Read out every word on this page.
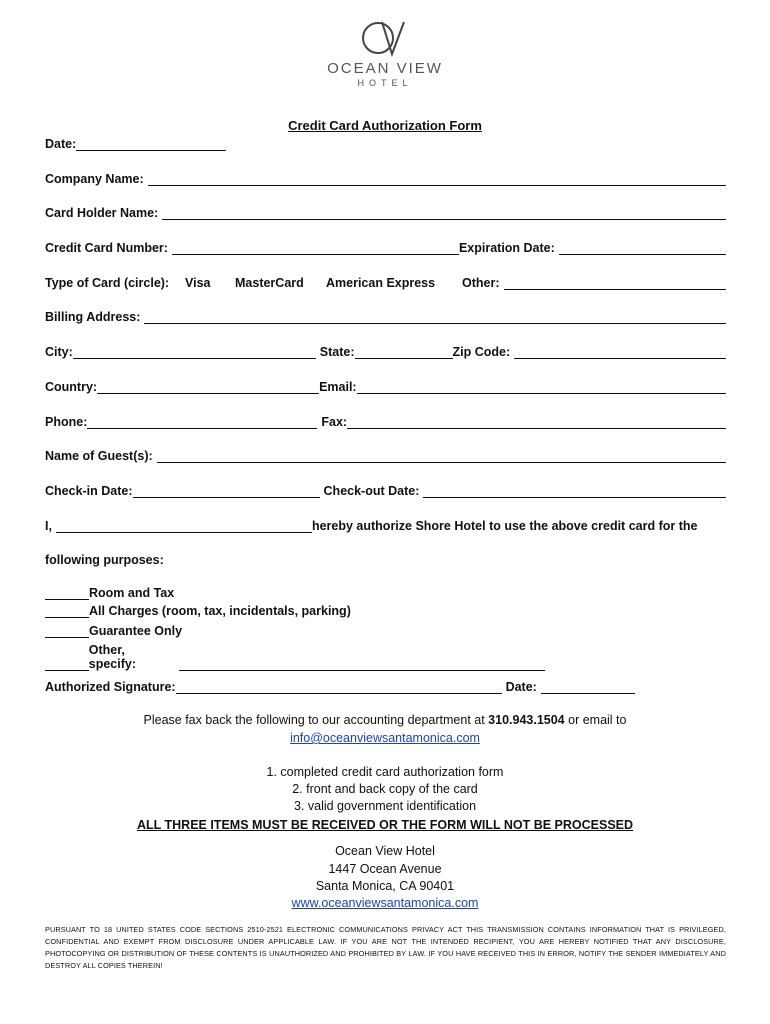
OCEAN VIEW
HOTEL
Credit Card Authorization Form
Date:
Company Name:
Card Holder Name:
Credit Card Number:	Expiration Date:
Type of Card (circle):	Visa	MasterCard	American Express	Other:
Billing Address:
City:	State:	Zip Code:
Country:	Email:
Phone:	Fax:
Name of Guest(s):
Check-in Date:	Check-out Date:
I,	hereby authorize Shore Hotel to use the above credit card for the
following purposes:
Room and Tax
All Charges (room, tax, incidentals, parking)
Guarantee Only
Other, specify:
Authorized Signature:	Date:
Please fax back the following to our accounting department at 310.943.1504 or email to
info@oceanviewsantamonica.com
1. completed credit card authorization form
2. front and back copy of the card
3. valid government identification
ALL THREE ITEMS MUST BE RECEIVED OR THE FORM WILL NOT BE PROCESSED
Ocean View Hotel
1447 Ocean Avenue
Santa Monica, CA 90401
www.oceanviewsantamonica.com
PURSUANT TO 18 UNITED STATES CODE SECTIONS 2510-2521 ELECTRONIC COMMUNICATIONS PRIVACY ACT THIS TRANSMISSION CONTAINS INFORMATION THAT IS PRIVILEGED, CONFIDENTIAL AND EXEMPT FROM DISCLOSURE UNDER APPLICABLE LAW. IF YOU ARE NOT THE INTENDED RECIPIENT, YOU ARE HEREBY NOTIFIED THAT ANY DISCLOSURE, PHOTOCOPYING OR DISTRIBUTION OF THESE CONTENTS IS UNAUTHORIZED AND PROHIBITED BY LAW. IF YOU HAVE RECEIVED THIS IN ERROR, NOTIFY THE SENDER IMMEDIATELY AND DESTROY ALL COPIES THEREIN!
